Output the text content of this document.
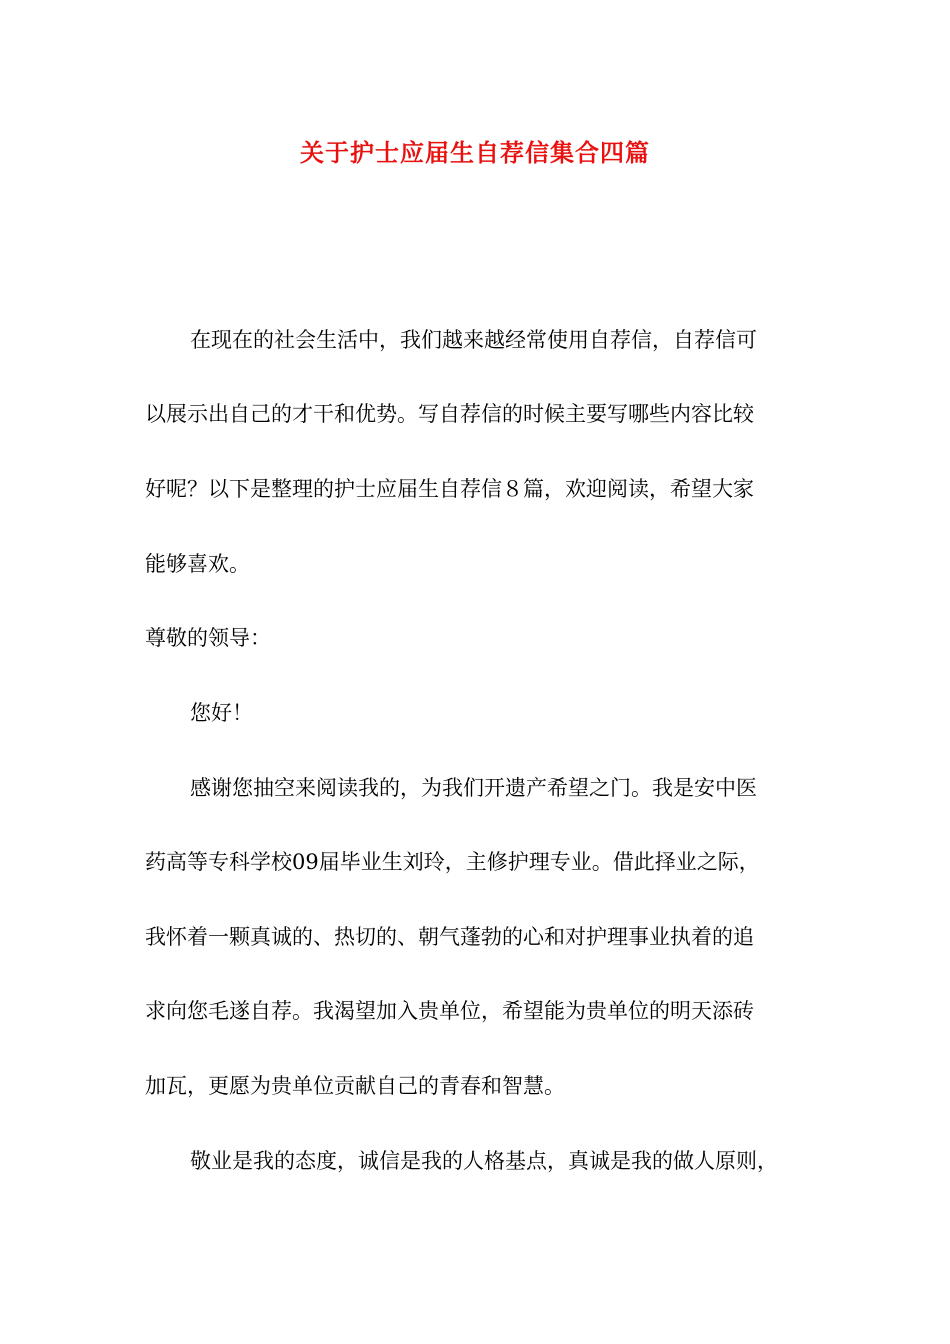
关于护士应届生自荐信集合四篇

在现在的社会生活中，我们越来越经常使用自荐信，自荐信可

以展示出自己的才干和优势。写自荐信的时候主要写哪些内容比较

好呢？以下是整理的护士应届生自荐信８篇，欢迎阅读，希望大家

能够喜欢。

尊敬的领导：

您好！

感谢您抽空来阅读我的，为我们开遗产希望之门。我是安中医

药高等专科学校09届毕业生刘玲，主修护理专业。借此择业之际，

我怀着一颗真诚的、热切的、朝气蓬勃的心和对护理事业执着的追

求向您毛遂自荐。我渴望加入贵单位，希望能为贵单位的明天添砖

加瓦，更愿为贵单位贡献自己的青春和智慧。

敬业是我的态度，诚信是我的人格基点，真诚是我的做人原则，
